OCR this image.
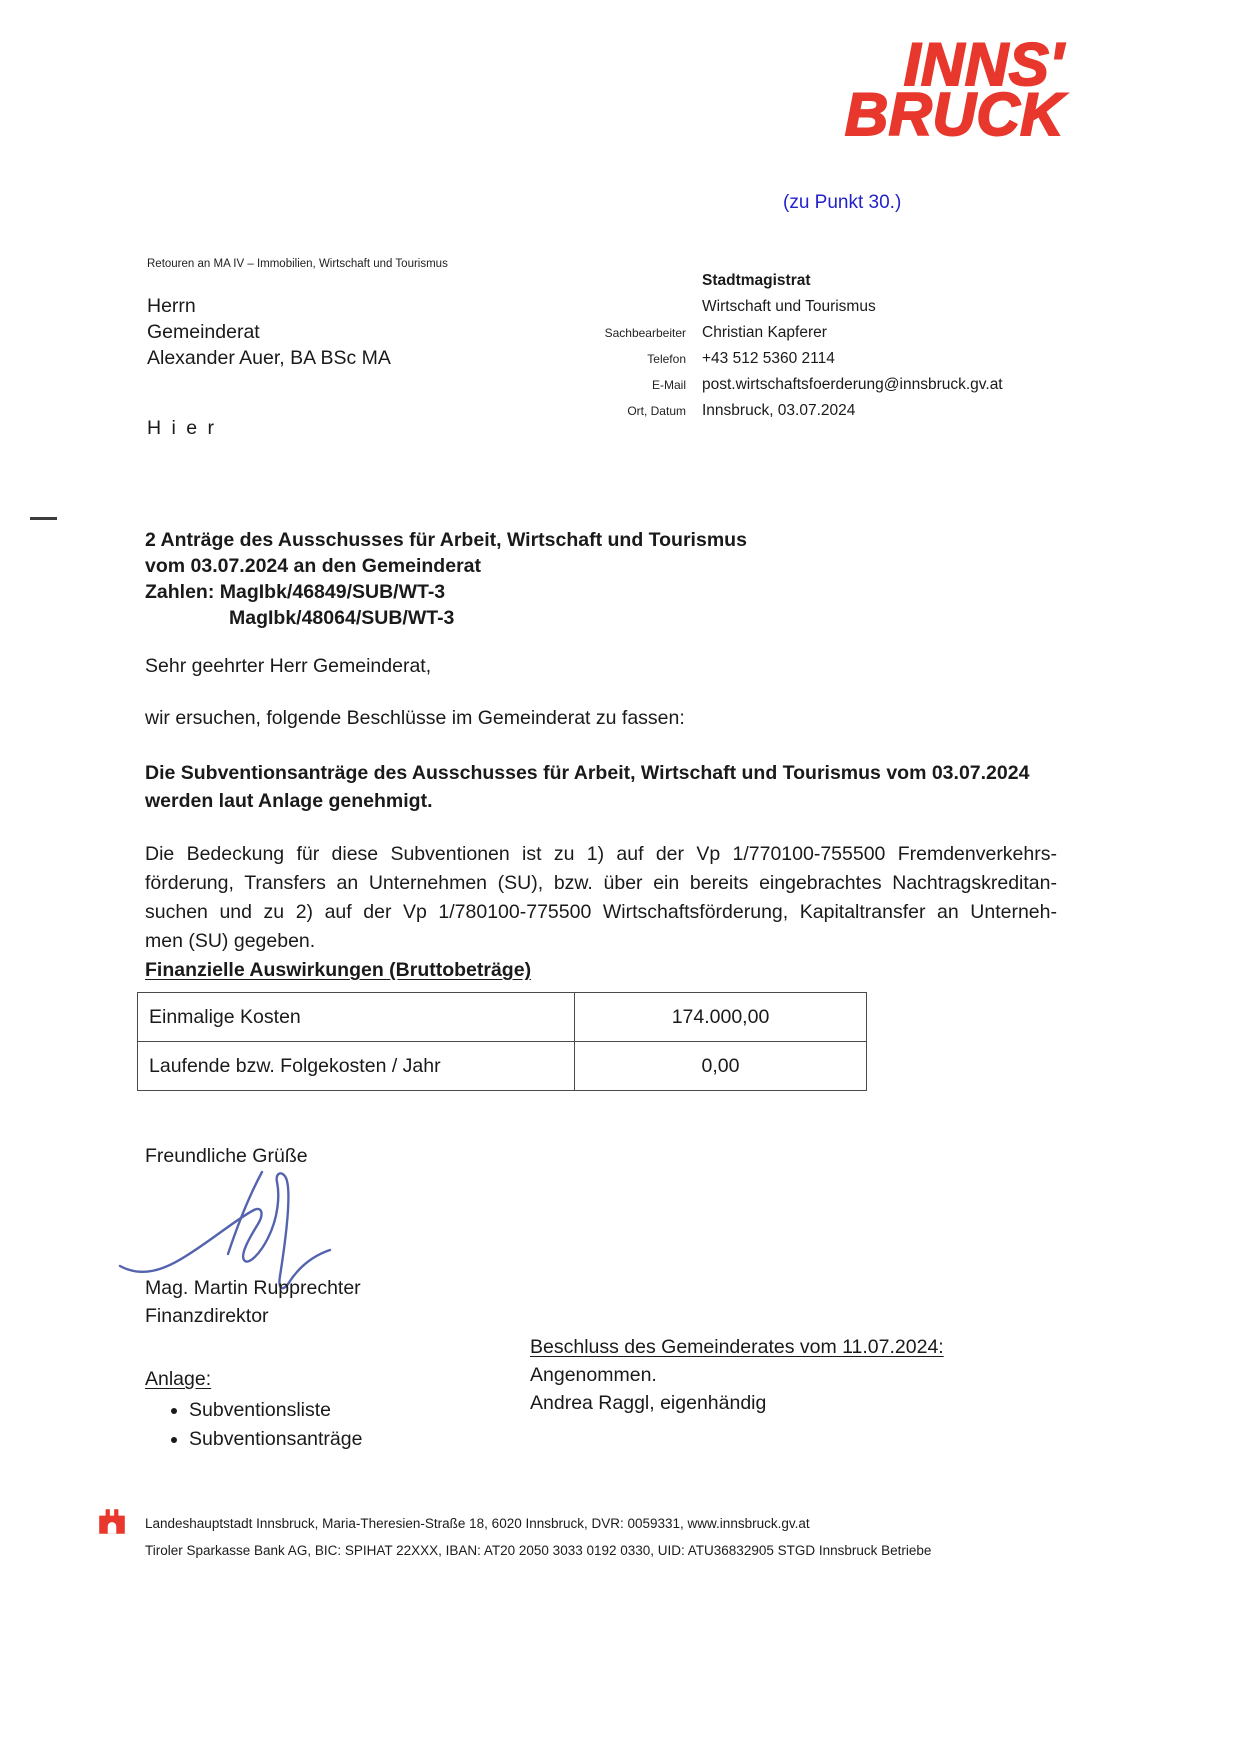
INNS'
BRUCK
(zu Punkt 30.)
Retouren an MA IV – Immobilien, Wirtschaft und Tourismus
Herrn
Gemeinderat
Alexander Auer, BA BSc MA
H i e r
Stadtmagistrat
Wirtschaft und Tourismus
Sachbearbeiter Christian Kapferer
Telefon +43 512 5360 2114
E-Mail post.wirtschaftsfoerderung@innsbruck.gv.at
Ort, Datum Innsbruck, 03.07.2024
2 Anträge des Ausschusses für Arbeit, Wirtschaft und Tourismus
vom 03.07.2024 an den Gemeinderat
Zahlen: MagIbk/46849/SUB/WT-3
MagIbk/48064/SUB/WT-3
Sehr geehrter Herr Gemeinderat,
wir ersuchen, folgende Beschlüsse im Gemeinderat zu fassen:
Die Subventionsanträge des Ausschusses für Arbeit, Wirtschaft und Tourismus vom 03.07.2024 werden laut Anlage genehmigt.
Die Bedeckung für diese Subventionen ist zu 1) auf der Vp 1/770100-755500 Fremdenverkehrs-
förderung, Transfers an Unternehmen (SU), bzw. über ein bereits eingebrachtes Nachtragskreditan-
suchen und zu 2) auf der Vp 1/780100-775500 Wirtschaftsförderung, Kapitaltransfer an Unterneh-
men (SU) gegeben.
Finanzielle Auswirkungen (Bruttobeträge)
Einmalige Kosten	174.000,00
Laufende bzw. Folgekosten / Jahr	0,00
Freundliche Grüße
Mag. Martin Rupprechter
Finanzdirektor
Beschluss des Gemeinderates vom 11.07.2024:
Angenommen.
Andrea Raggl, eigenhändig
Anlage:
• Subventionsliste
• Subventionsanträge
Landeshauptstadt Innsbruck, Maria-Theresien-Straße 18, 6020 Innsbruck, DVR: 0059331, www.innsbruck.gv.at
Tiroler Sparkasse Bank AG, BIC: SPIHAT 22XXX, IBAN: AT20 2050 3033 0192 0330, UID: ATU36832905 STGD Innsbruck Betriebe
